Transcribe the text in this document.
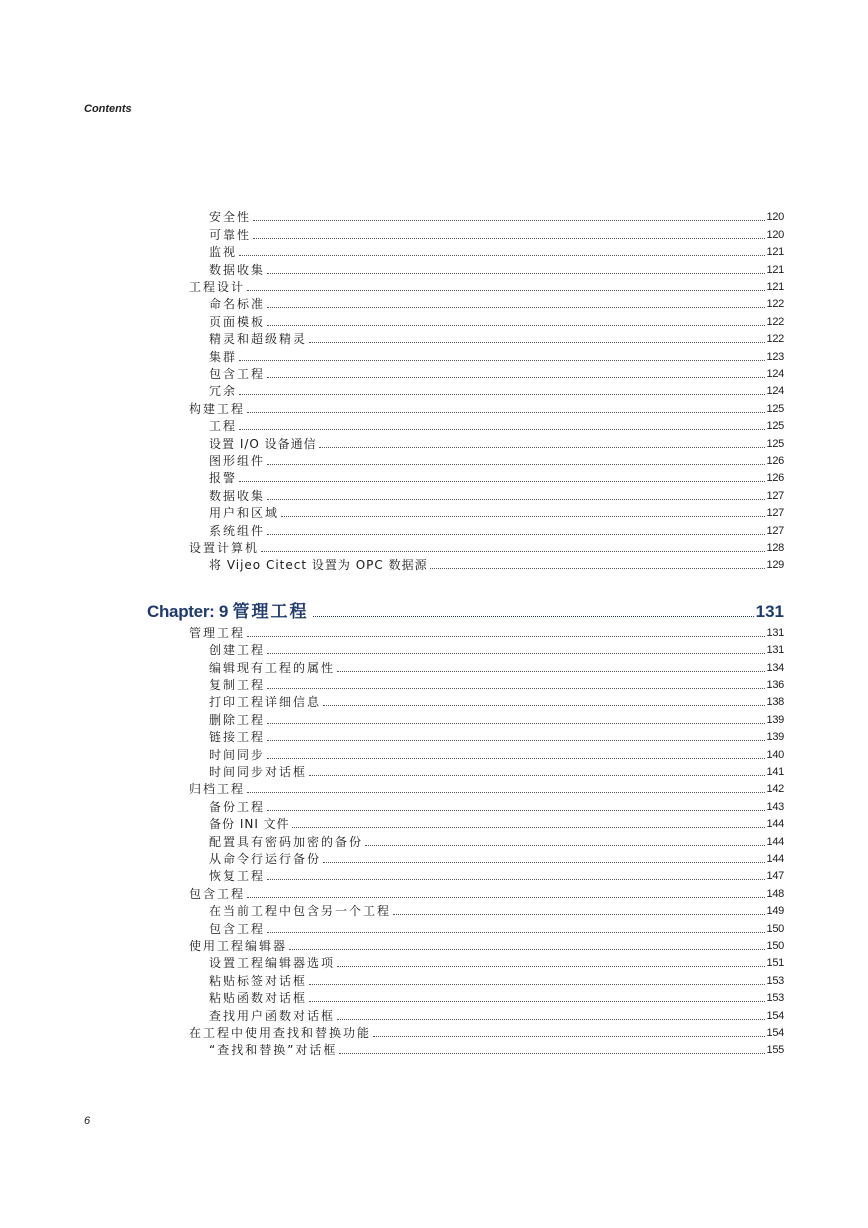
Contents
安全性	120
可靠性	120
监视	121
数据收集	121
工程设计	121
命名标准	122
页面模板	122
精灵和超级精灵	122
集群	123
包含工程	124
冗余	124
构建工程	125
工程	125
设置 I/O 设备通信	125
图形组件	126
报警	126
数据收集	127
用户和区域	127
系统组件	127
设置计算机	128
将 Vijeo Citect 设置为 OPC 数据源	129
Chapter: 9 管理工程	131
管理工程	131
创建工程	131
编辑现有工程的属性	134
复制工程	136
打印工程详细信息	138
删除工程	139
链接工程	139
时间同步	140
时间同步对话框	141
归档工程	142
备份工程	143
备份 INI 文件	144
配置具有密码加密的备份	144
从命令行运行备份	144
恢复工程	147
包含工程	148
在当前工程中包含另一个工程	149
包含工程	150
使用工程编辑器	150
设置工程编辑器选项	151
粘贴标签对话框	153
粘贴函数对话框	153
查找用户函数对话框	154
在工程中使用查找和替换功能	154
“查找和替换”对话框	155
6
